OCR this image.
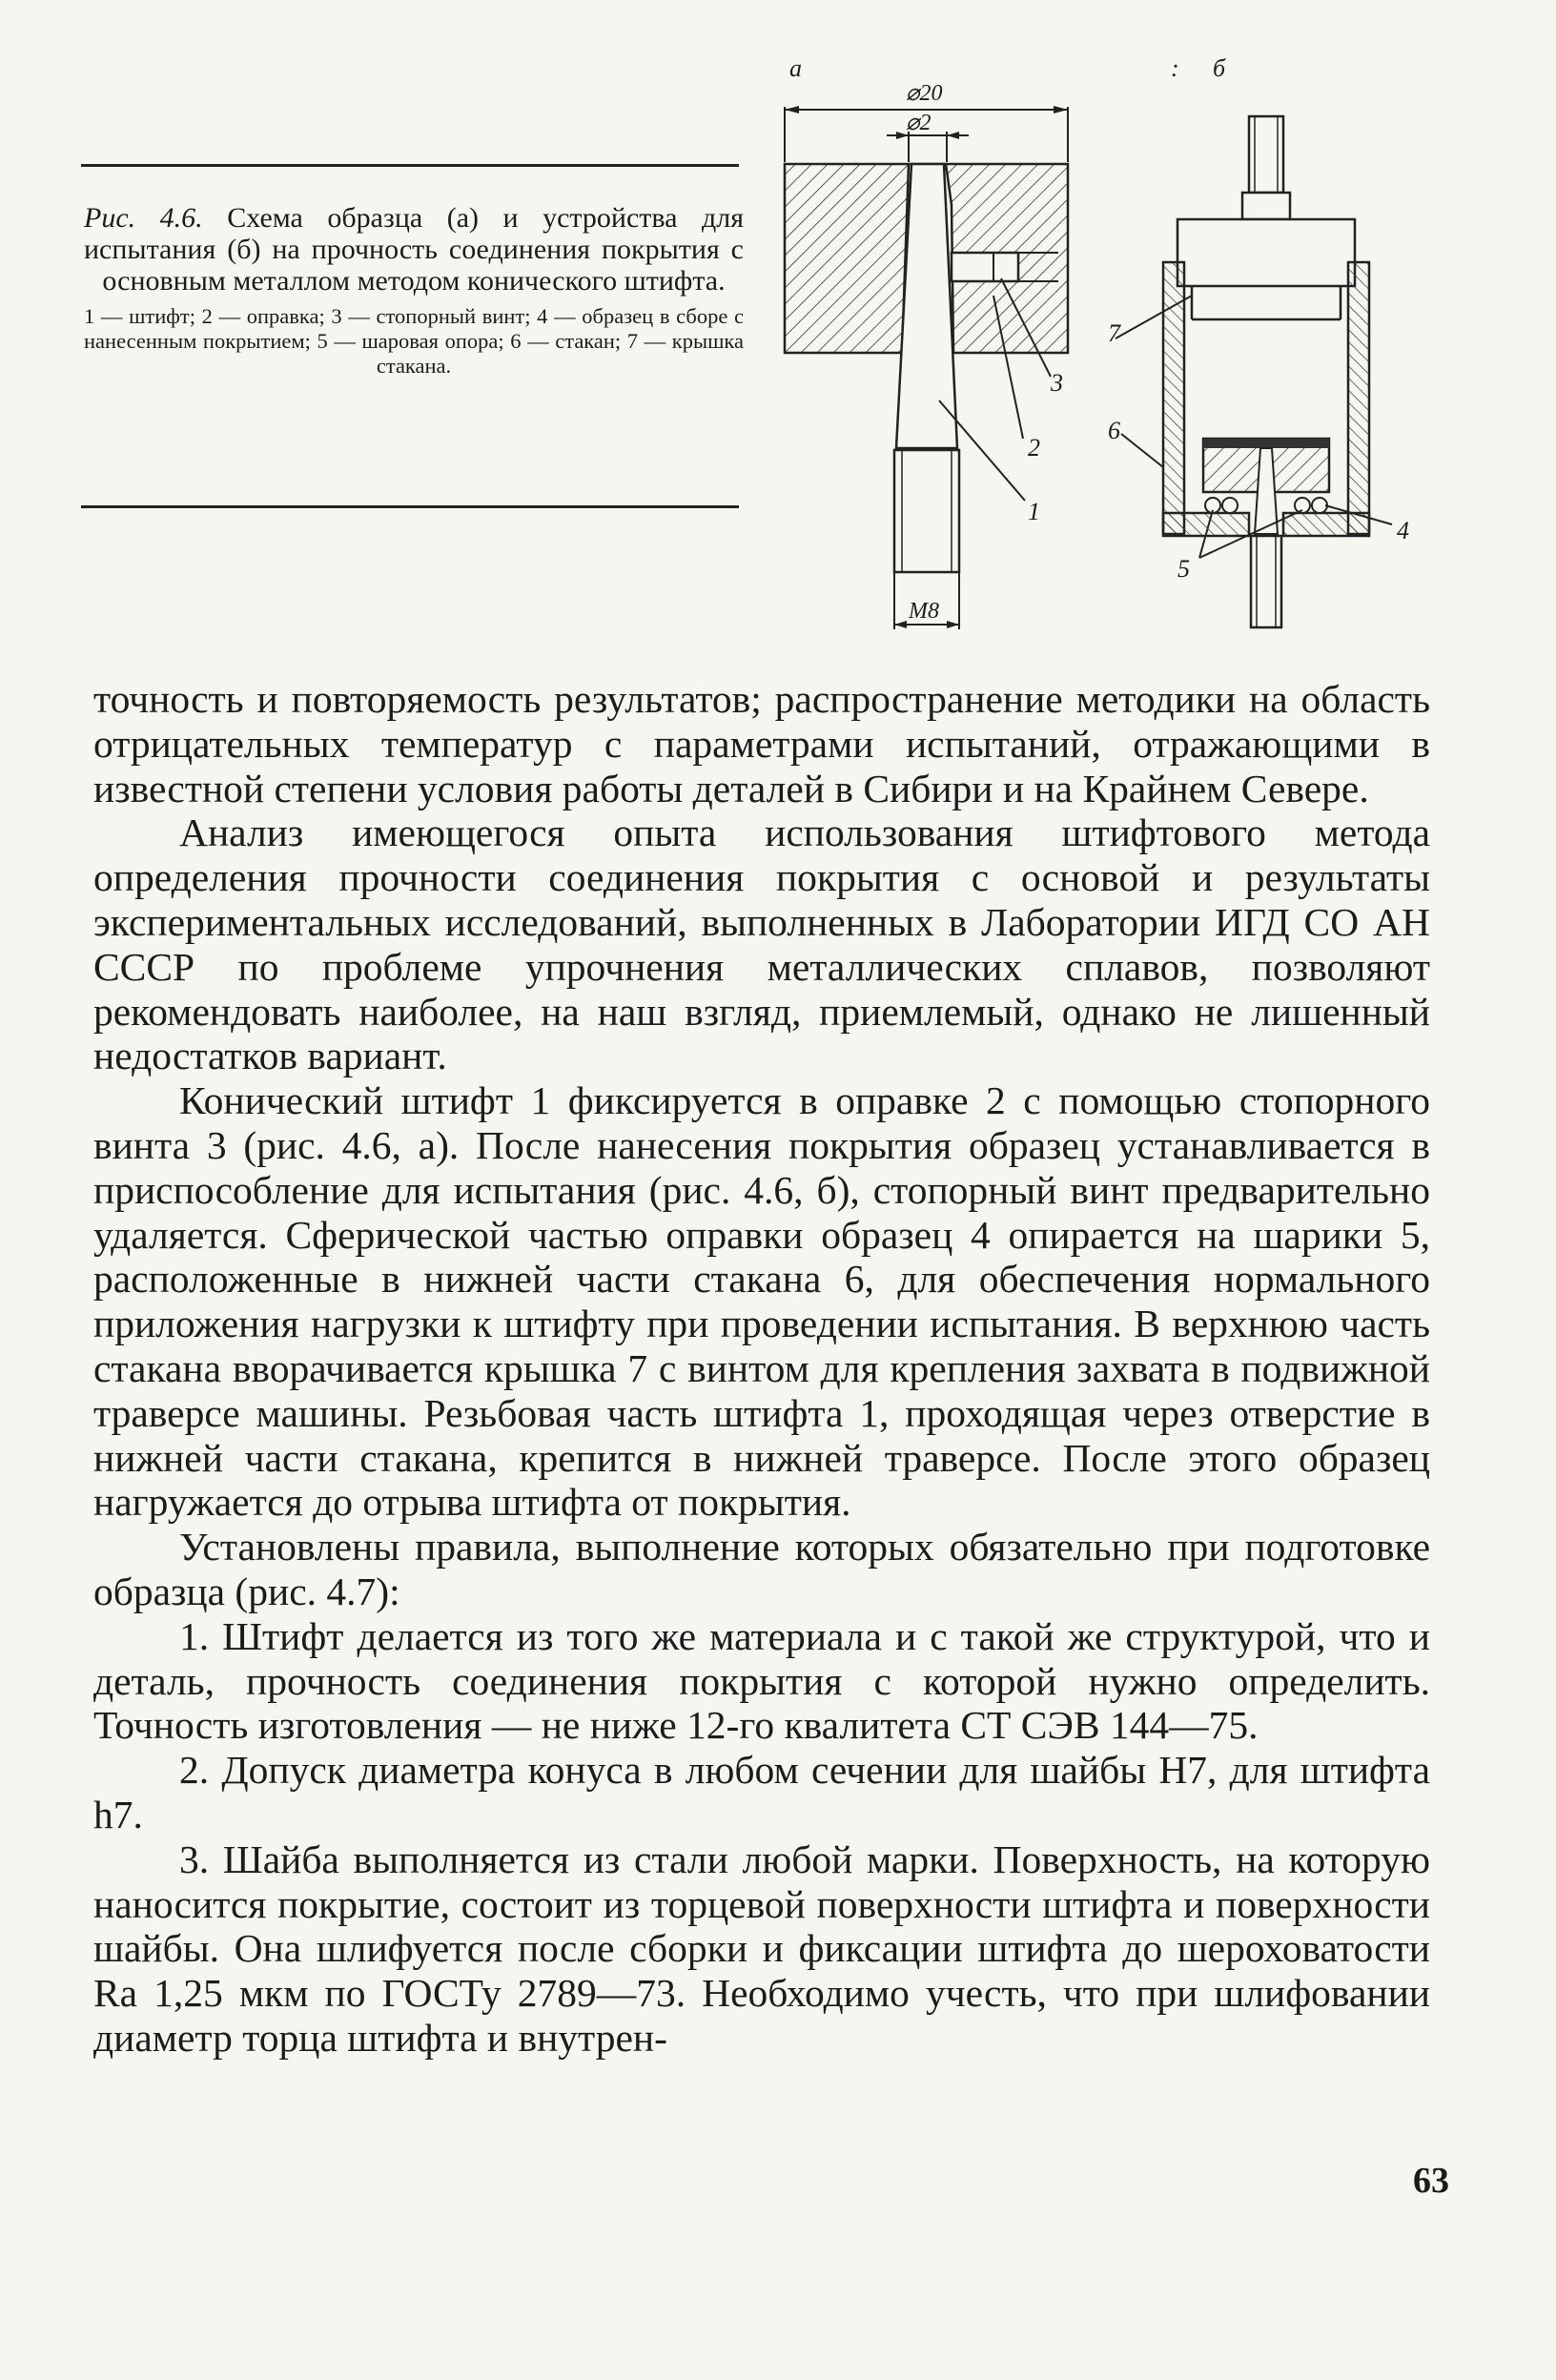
Рис. 4.6. Схема образца (а) и устройства для испытания (б) на прочность соединения покрытия с основным металлом методом конического штифта.

1 — штифт; 2 — оправка; 3 — стопорный винт; 4 — образец в сборе с нанесенным покрытием; 5 — шаровая опора; 6 — стакан; 7 — крышка стакана.

а
⌀20
⌀2
М8
1
2
3
: б
7
6
4
5

точность и повторяемость результатов; распространение методики на область отрицательных температур с параметрами испытаний, отражающими в известной степени условия работы деталей в Сибири и на Крайнем Севере.

Анализ имеющегося опыта использования штифтового метода определения прочности соединения покрытия с основой и результаты экспериментальных исследований, выполненных в Лаборатории ИГД СО АН СССР по проблеме упрочнения металлических сплавов, позволяют рекомендовать наиболее, на наш взгляд, приемлемый, однако не лишенный недостатков вариант.

Конический штифт 1 фиксируется в оправке 2 с помощью стопорного винта 3 (рис. 4.6, а). После нанесения покрытия образец устанавливается в приспособление для испытания (рис. 4.6, б), стопорный винт предварительно удаляется. Сферической частью оправки образец 4 опирается на шарики 5, расположенные в нижней части стакана 6, для обеспечения нормального приложения нагрузки к штифту при проведении испытания. В верхнюю часть стакана вворачивается крышка 7 с винтом для крепления захвата в подвижной траверсе машины. Резьбовая часть штифта 1, проходящая через отверстие в нижней части стакана, крепится в нижней траверсе. После этого образец нагружается до отрыва штифта от покрытия.

Установлены правила, выполнение которых обязательно при подготовке образца (рис. 4.7):

1. Штифт делается из того же материала и с такой же структурой, что и деталь, прочность соединения покрытия с которой нужно определить. Точность изготовления — не ниже 12-го квалитета СТ СЭВ 144—75.

2. Допуск диаметра конуса в любом сечении для шайбы Н7, для штифта h7.

3. Шайба выполняется из стали любой марки. Поверхность, на которую наносится покрытие, состоит из торцевой поверхности штифта и поверхности шайбы. Она шлифуется после сборки и фиксации штифта до шероховатости Ra 1,25 мкм по ГОСТу 2789—73. Необходимо учесть, что при шлифовании диаметр торца штифта и внутрен-

63
